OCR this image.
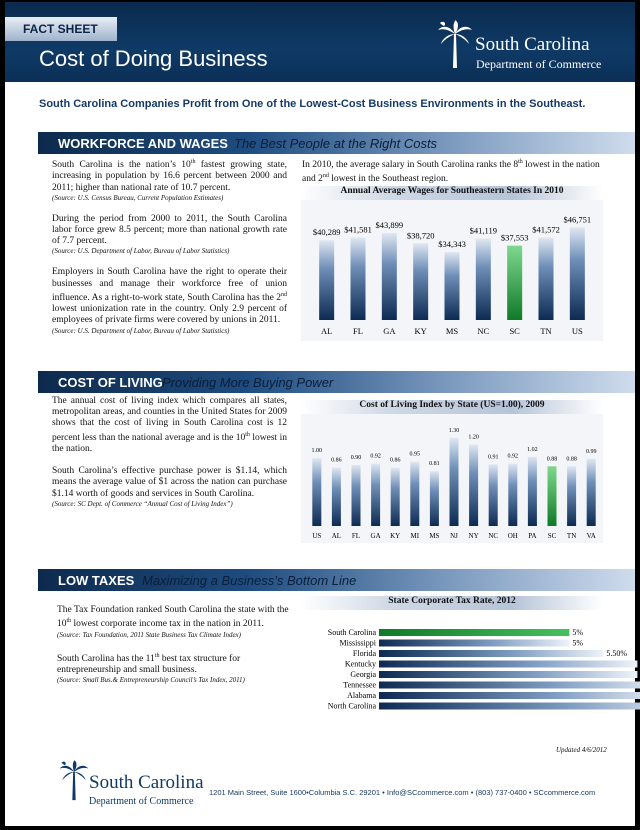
FACT SHEET
Cost of Doing Business
South Carolina
Department of Commerce
South Carolina Companies Profit from One of the Lowest-Cost Business Environments in the Southeast.
WORKFORCE AND WAGES The Best People at the Right Costs

South Carolina is the nation’s 10th fastest growing state, increasing in population by 16.6 percent between 2000 and 2011; higher than national rate of 10.7 percent.

(Source: U.S. Census Bureau, Current Population Estimates)

During the period from 2000 to 2011, the South Carolina labor force grew 8.5 percent; more than national growth rate of 7.7 percent.

(Source: U.S. Department of Labor, Bureau of Labor Statistics)

Employers in South Carolina have the right to operate their businesses and manage their workforce free of union influence. As a right-to-work state, South Carolina has the 2nd lowest unionization rate in the country. Only 2.9 percent of employees of private firms were covered by unions in 2011.

(Source: U.S. Department of Labor, Bureau of Labor Statistics)

In 2010, the average salary in South Carolina ranks the 8th lowest in the nation and 2nd lowest in the Southeast region.

Annual Average Wages for Southeastern States In 2010
$40,289
AL
$41,581
FL
$43,899
GA
$38,720
KY
$34,343
MS
$41,119
NC
$37,553
SC
$41,572
TN
$46,751
US
COST OF LIVING Providing More Buying Power

The annual cost of living index which compares all states, metropolitan areas, and counties in the United States for 2009 shows that the cost of living in South Carolina cost is 12 percent less than the national average and is the 10th lowest in the nation.

South Carolina’s effective purchase power is $1.14, which means the average value of $1 across the nation can purchase $1.14 worth of goods and services in South Carolina.

(Source: SC Dept. of Commerce “Annual Cost of Living Index”)

Cost of Living Index by State (US=1.00), 2009
1.00
US
0.86
AL
0.90
FL
0.92
GA
0.86
KY
0.95
MI
0.81
MS
1.30
NJ
1.20
NY
0.91
NC
0.92
OH
1.02
PA
0.88
SC
0.88
TN
0.99
VA
LOW TAXES Maximizing a Business’s Bottom Line

The Tax Foundation ranked South Carolina the state with the 10th lowest corporate income tax in the nation in 2011.

(Source: Tax Foundation, 2011 State Business Tax Climate Index)

South Carolina has the 11th best tax structure for entrepreneurship and small business.

(Source: Small Bus.& Entrepreneurship Council’s Tax Index, 2011)

State Corporate Tax Rate, 2012
South Carolina	5%
Mississippi	5%
Florida	5.50%
Kentucky
Georgia
Tennessee
Alabama
North Carolina
Updated 4/6/2012
South Carolina
Department of Commerce
1201 Main Street, Suite 1600•Columbia S.C. 29201 • Info@SCcommerce.com • (803) 737-0400 • SCcommerce.com
